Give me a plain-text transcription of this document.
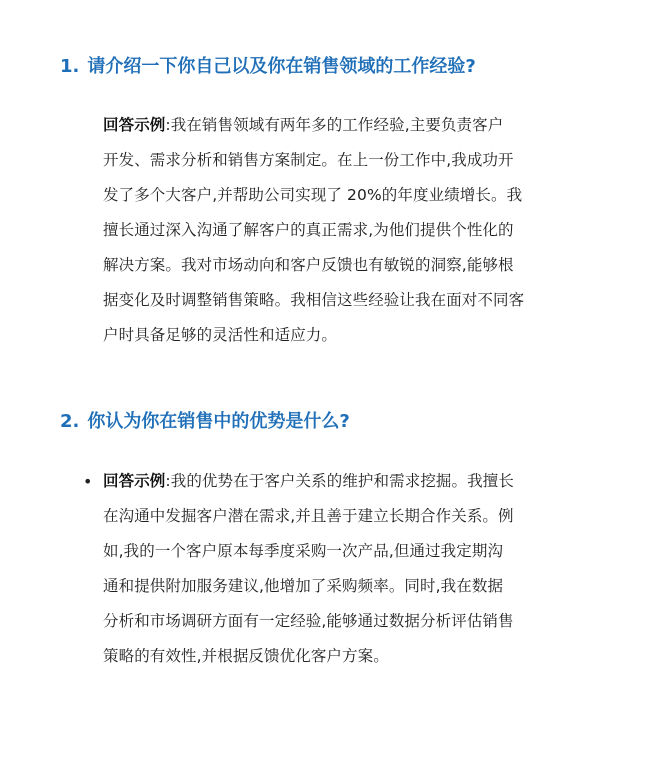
1. 请介绍一下你自己以及你在销售领域的工作经验?
回答示例:我在销售领域有两年多的工作经验,主要负责客户
开发、需求分析和销售方案制定。在上一份工作中,我成功开
发了多个大客户,并帮助公司实现了 20%的年度业绩增长。我
擅长通过深入沟通了解客户的真正需求,为他们提供个性化的
解决方案。我对市场动向和客户反馈也有敏锐的洞察,能够根
据变化及时调整销售策略。我相信这些经验让我在面对不同客
户时具备足够的灵活性和适应力。
2. 你认为你在销售中的优势是什么?
• 回答示例:我的优势在于客户关系的维护和需求挖掘。我擅长
在沟通中发掘客户潜在需求,并且善于建立长期合作关系。例
如,我的一个客户原本每季度采购一次产品,但通过我定期沟
通和提供附加服务建议,他增加了采购频率。同时,我在数据
分析和市场调研方面有一定经验,能够通过数据分析评估销售
策略的有效性,并根据反馈优化客户方案。
